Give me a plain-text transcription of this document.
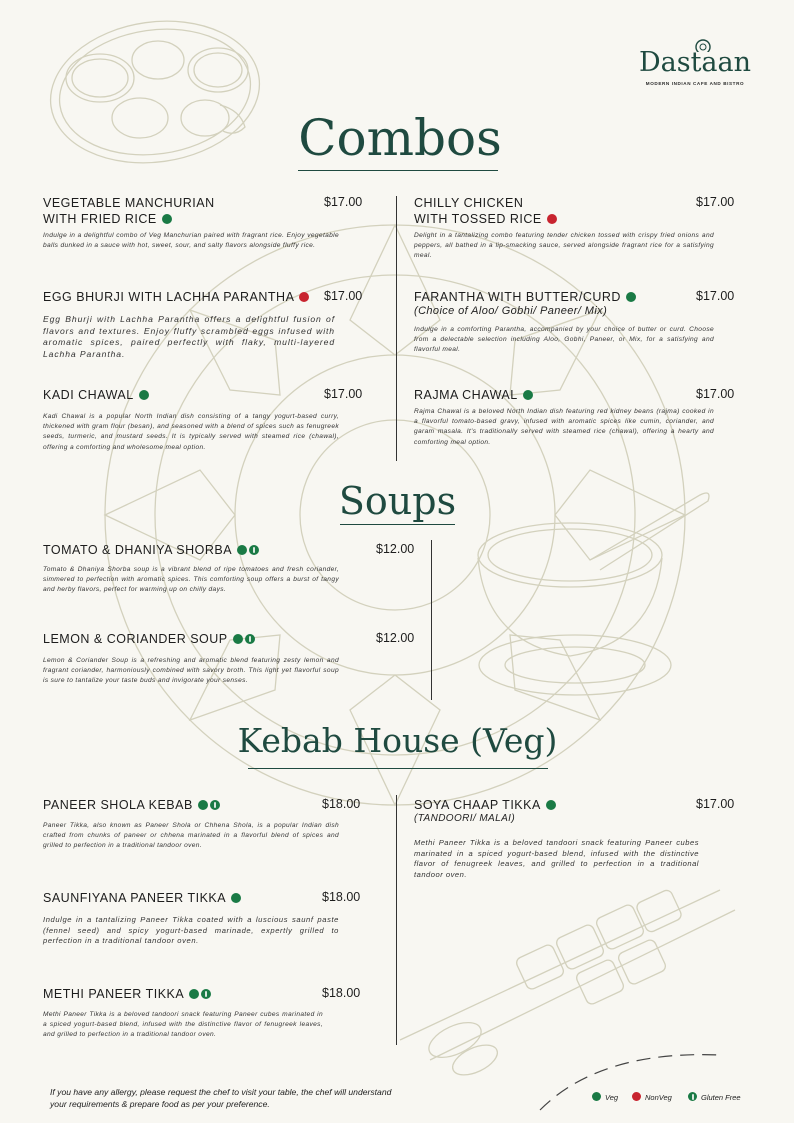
Dastaan
MODERN INDIAN CAFE AND BISTRO
Combos
VEGETABLE MANCHURIAN
WITH FRIED RICE
$17.00
Indulge in a delightful combo of Veg Manchurian paired with fragrant rice. Enjoy vegetable balls dunked in a sauce with hot, sweet, sour, and salty flavors alongside fluffy rice.
CHILLY CHICKEN
WITH TOSSED RICE
$17.00
Delight in a tantalizing combo featuring tender chicken tossed with crispy fried onions and peppers, all bathed in a lip-smacking sauce, served alongside fragrant rice for a satisfying meal.
EGG BHURJI WITH LACHHA PARANTHA	$17.00
Egg Bhurji with Lachha Parantha offers a delightful fusion of flavors and textures. Enjoy fluffy scrambled eggs infused with aromatic spices, paired perfectly with flaky, multi-layered Lachha Parantha.
FARANTHA WITH BUTTER/CURD
(Choice of Aloo/ Gobhi/ Paneer/ Mix)
$17.00
Indulge in a comforting Parantha, accompanied by your choice of butter or curd. Choose from a delectable selection including Aloo, Gobhi, Paneer, or Mix, for a satisfying and flavorful meal.
KADI CHAWAL	$17.00
Kadi Chawal is a popular North Indian dish consisting of a tangy yogurt-based curry, thickened with gram flour (besan), and seasoned with a blend of spices such as fenugreek seeds, turmeric, and mustard seeds. It is typically served with steamed rice (chawal), offering a comforting and wholesome meal option.
RAJMA CHAWAL	$17.00
Rajma Chawal is a beloved North Indian dish featuring red kidney beans (rajma) cooked in a flavorful tomato-based gravy, infused with aromatic spices like cumin, coriander, and garam masala. It's traditionally served with steamed rice (chawal), offering a hearty and comforting meal option.
Soups
TOMATO & DHANIYA SHORBA	$12.00
Tomato & Dhaniya Shorba soup is a vibrant blend of ripe tomatoes and fresh coriander, simmered to perfection with aromatic spices. This comforting soup offers a burst of tangy and herby flavors, perfect for warming up on chilly days.
LEMON & CORIANDER SOUP	$12.00
Lemon & Coriander Soup is a refreshing and aromatic blend featuring zesty lemon and fragrant coriander, harmoniously combined with savory broth. This light yet flavorful soup is sure to tantalize your taste buds and invigorate your senses.
Kebab House (Veg)
PANEER SHOLA KEBAB	$18.00
Paneer Tikka, also known as Paneer Shola or Chhena Shola, is a popular Indian dish crafted from chunks of paneer or chhena marinated in a flavorful blend of spices and grilled to perfection in a traditional tandoor oven.
SOYA CHAAP TIKKA
(TANDOORI/ MALAI)
$17.00
Methi Paneer Tikka is a beloved tandoori snack featuring Paneer cubes marinated in a spiced yogurt-based blend, infused with the distinctive flavor of fenugreek leaves, and grilled to perfection in a traditional tandoor oven.
SAUNFIYANA PANEER TIKKA	$18.00
Indulge in a tantalizing Paneer Tikka coated with a luscious saunf paste (fennel seed) and spicy yogurt-based marinade, expertly grilled to perfection in a traditional tandoor oven.
METHI PANEER TIKKA	$18.00
Methi Paneer Tikka is a beloved tandoori snack featuring Paneer cubes marinated in a spiced yogurt-based blend, infused with the distinctive flavor of fenugreek leaves, and grilled to perfection in a traditional tandoor oven.
If you have any allergy, please request the chef to visit your table, the chef will understand your requirements & prepare food as per your preference.
Veg	NonVeg	Gluten Free
